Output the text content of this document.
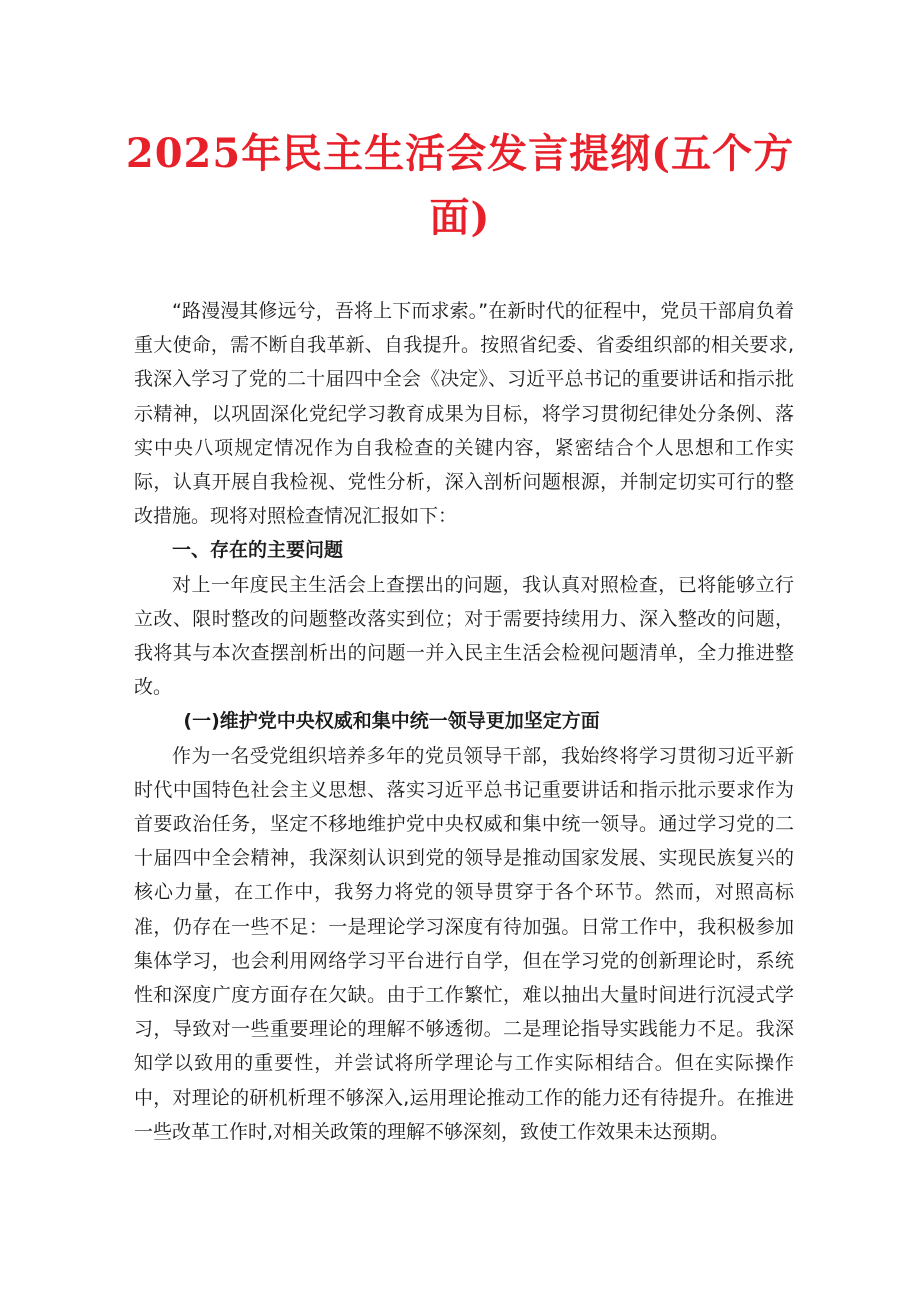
2025年民主生活会发言提纲(五个方面)

“路漫漫其修远兮，吾将上下而求索。”在新时代的征程中，党员干部肩负着重大使命，需不断自我革新、自我提升。按照省纪委、省委组织部的相关要求,我深入学习了党的二十届四中全会《决定》、习近平总书记的重要讲话和指示批示精神，以巩固深化党纪学习教育成果为目标，将学习贯彻纪律处分条例、落实中央八项规定情况作为自我检查的关键内容，紧密结合个人思想和工作实际，认真开展自我检视、党性分析，深入剖析问题根源，并制定切实可行的整改措施。现将对照检查情况汇报如下：

一、存在的主要问题

对上一年度民主生活会上查摆出的问题，我认真对照检查，已将能够立行立改、限时整改的问题整改落实到位；对于需要持续用力、深入整改的问题，我将其与本次查摆剖析出的问题一并入民主生活会检视问题清单，全力推进整改。

(一)维护党中央权威和集中统一领导更加坚定方面

作为一名受党组织培养多年的党员领导干部，我始终将学习贯彻习近平新时代中国特色社会主义思想、落实习近平总书记重要讲话和指示批示要求作为首要政治任务，坚定不移地维护党中央权威和集中统一领导。通过学习党的二十届四中全会精神，我深刻认识到党的领导是推动国家发展、实现民族复兴的核心力量，在工作中，我努力将党的领导贯穿于各个环节。然而，对照高标准，仍存在一些不足：一是理论学习深度有待加强。日常工作中，我积极参加集体学习，也会利用网络学习平台进行自学，但在学习党的创新理论时，系统性和深度广度方面存在欠缺。由于工作繁忙，难以抽出大量时间进行沉浸式学习，导致对一些重要理论的理解不够透彻。二是理论指导实践能力不足。我深知学以致用的重要性，并尝试将所学理论与工作实际相结合。但在实际操作中，对理论的研机析理不够深入,运用理论推动工作的能力还有待提升。在推进一些改革工作时,对相关政策的理解不够深刻，致使工作效果未达预期。
